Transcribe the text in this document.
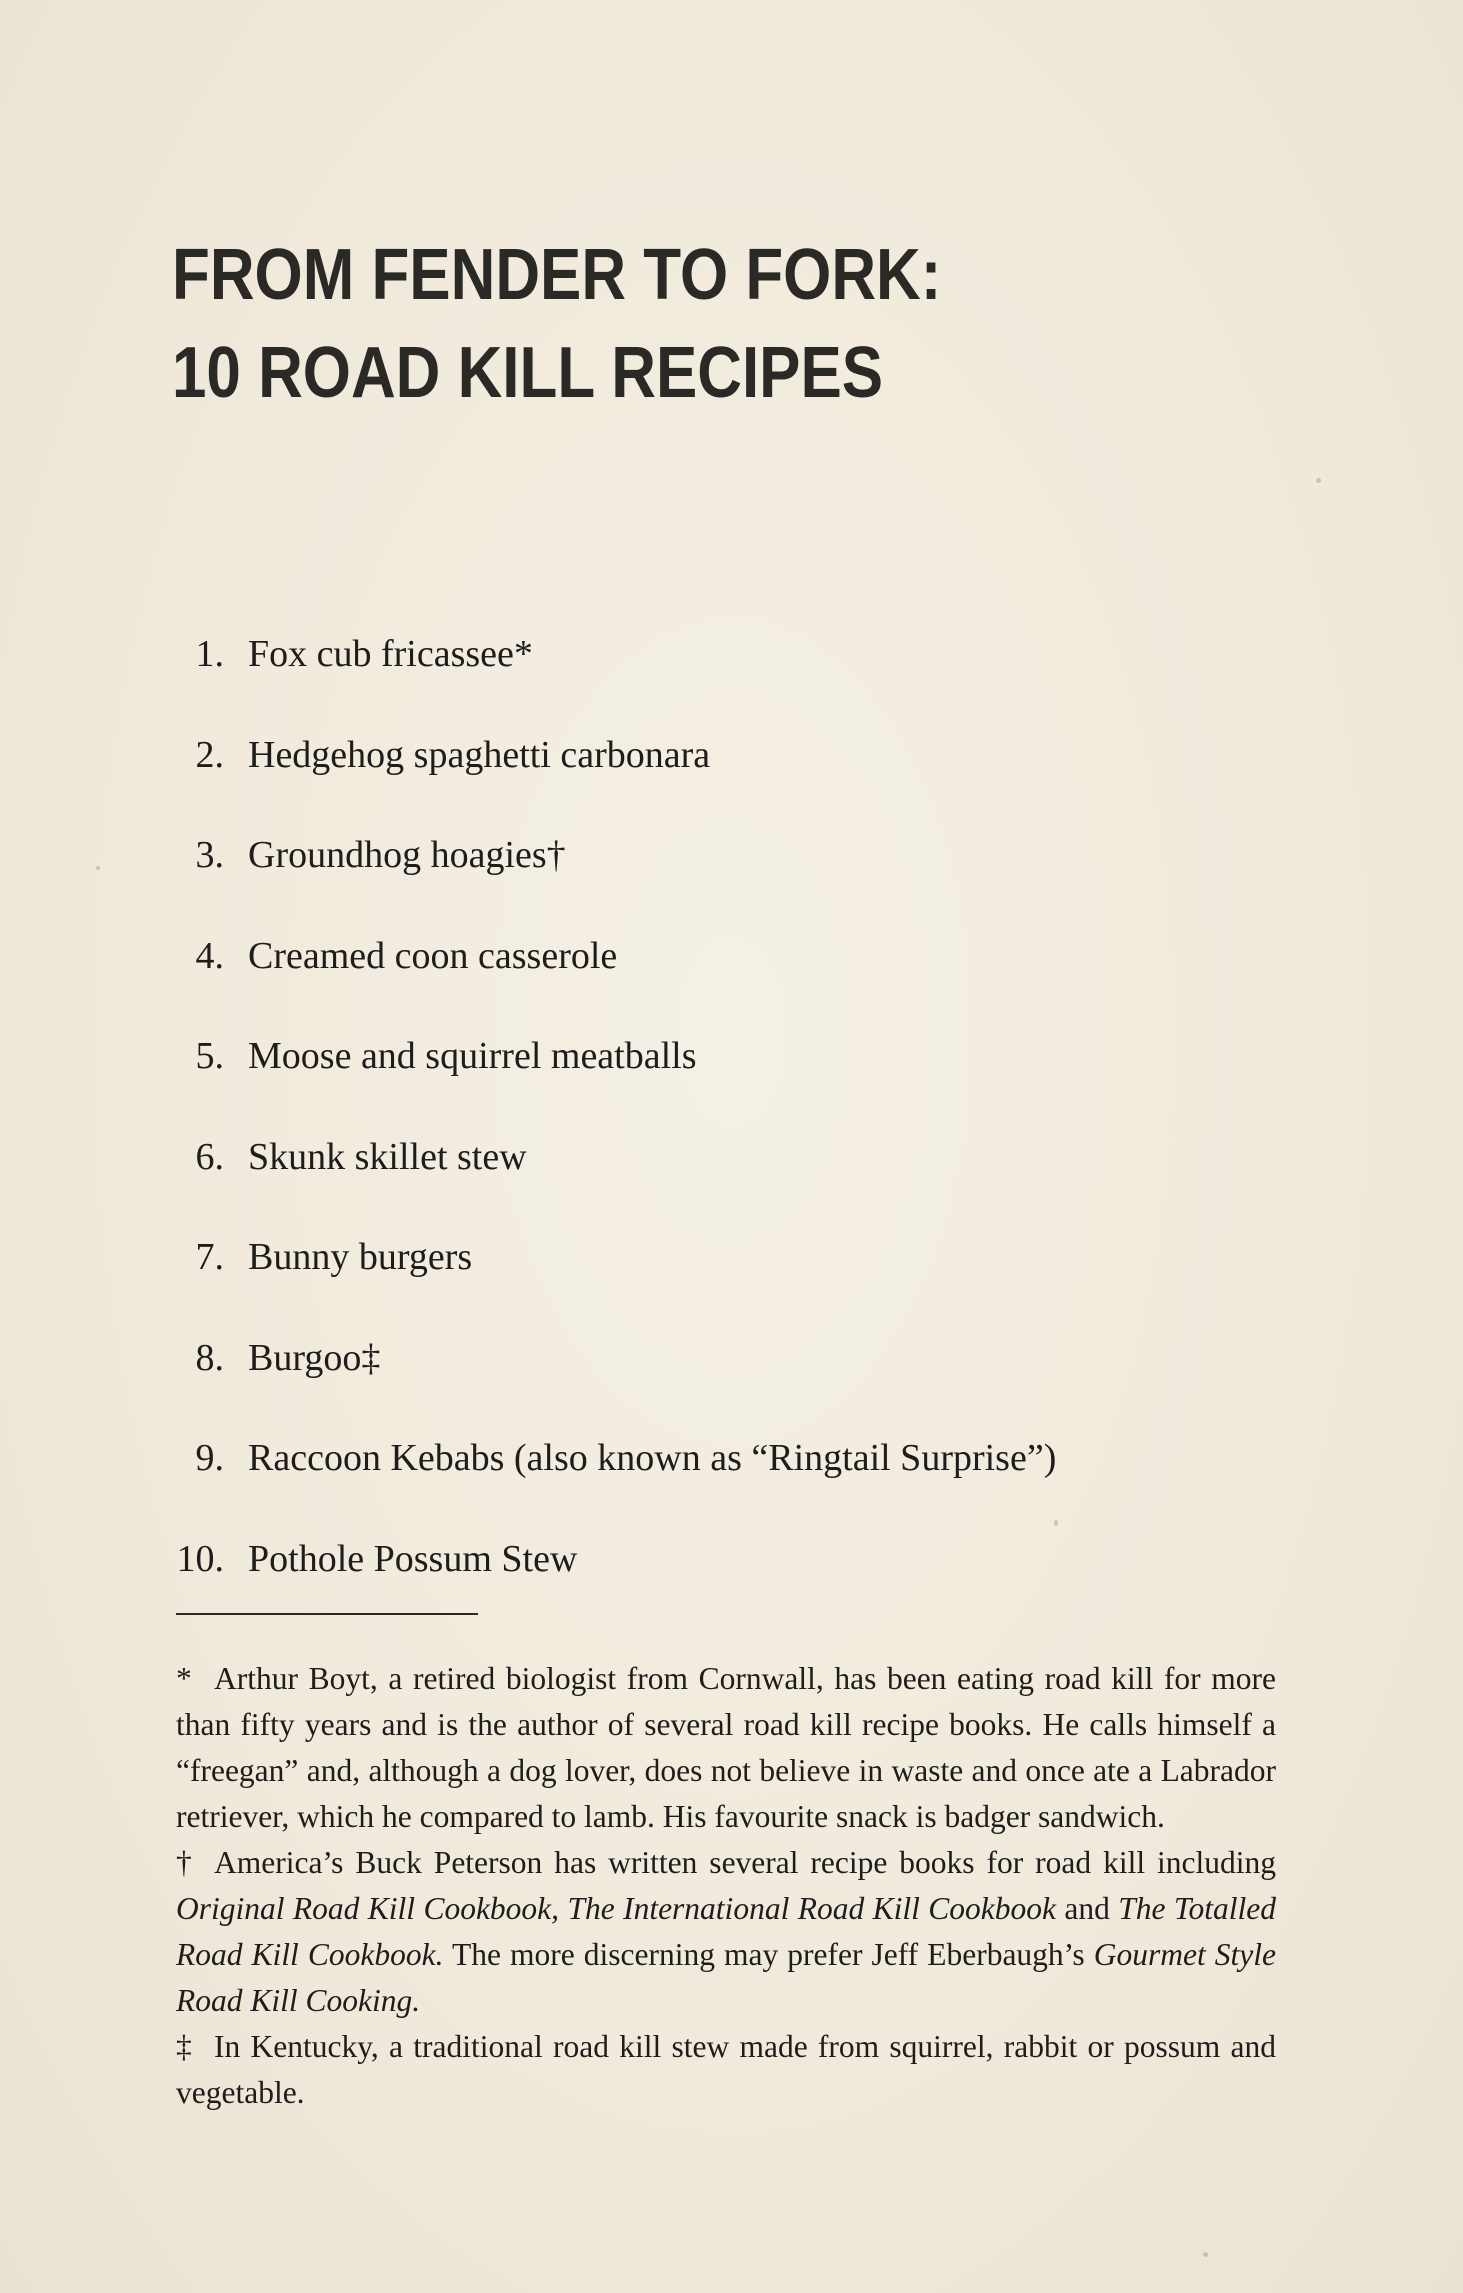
FROM FENDER TO FORK:
10 ROAD KILL RECIPES
1. Fox cub fricassee*
2. Hedgehog spaghetti carbonara
3. Groundhog hoagies†
4. Creamed coon casserole
5. Moose and squirrel meatballs
6. Skunk skillet stew
7. Bunny burgers
8. Burgoo‡
9. Raccoon Kebabs (also known as “Ringtail Surprise”)
10. Pothole Possum Stew

* Arthur Boyt, a retired biologist from Cornwall, has been eating road kill for more than fifty years and is the author of several road kill recipe books. He calls himself a “freegan” and, although a dog lover, does not believe in waste and once ate a Labrador retriever, which he compared to lamb. His favourite snack is badger sandwich.

† America’s Buck Peterson has written several recipe books for road kill including Original Road Kill Cookbook, The International Road Kill Cookbook and The Totalled Road Kill Cookbook. The more discerning may prefer Jeff Eberbaugh’s Gourmet Style Road Kill Cooking.

‡ In Kentucky, a traditional road kill stew made from squirrel, rabbit or possum and vegetable.
